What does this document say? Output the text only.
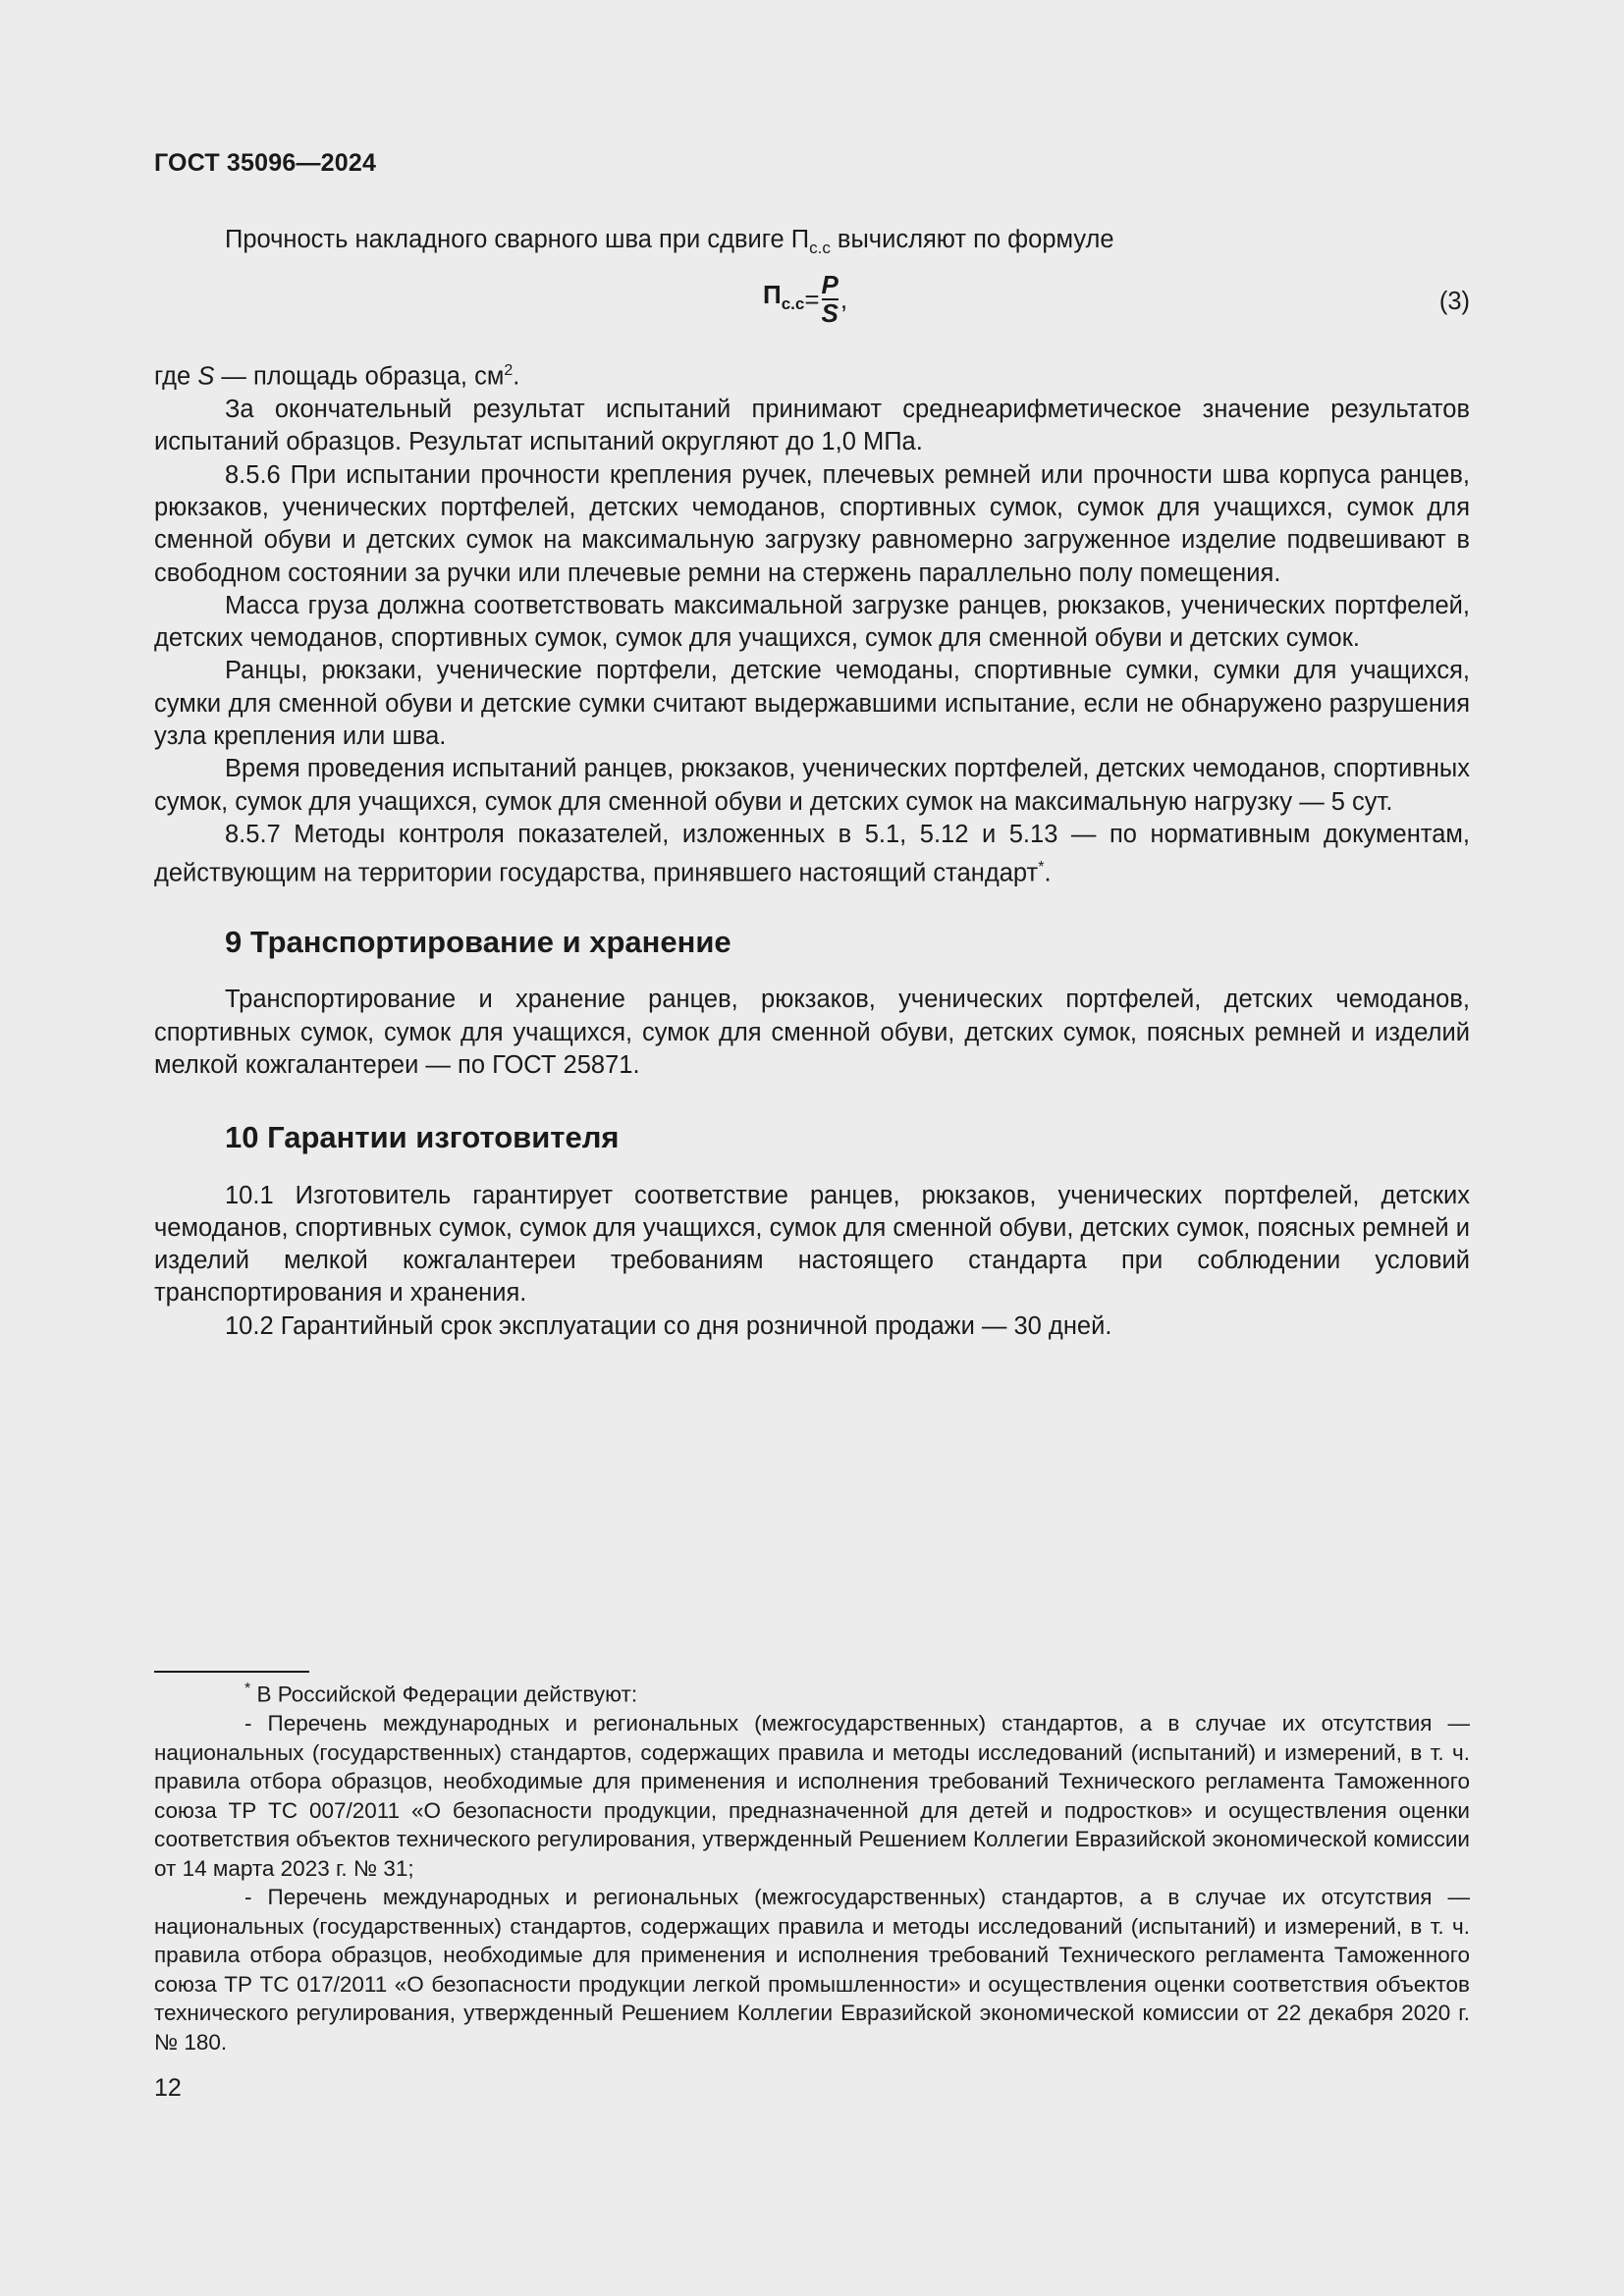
ГОСТ 35096—2024

Прочность накладного сварного шва при сдвиге $П_{с.с}$ вычисляют по формуле

$П_{с.с} = \frac{P}{S}$ ,	(3)

где S — площадь образца, $см^2$.

За окончательный результат испытаний принимают среднеарифметическое значение результатов испытаний образцов. Результат испытаний округляют до 1,0 МПа.

8.5.6 При испытании прочности крепления ручек, плечевых ремней или прочности шва корпуса ранцев, рюкзаков, ученических портфелей, детских чемоданов, спортивных сумок, сумок для учащихся, сумок для сменной обуви и детских сумок на максимальную загрузку равномерно загруженное изделие подвешивают в свободном состоянии за ручки или плечевые ремни на стержень параллельно полу помещения.

Масса груза должна соответствовать максимальной загрузке ранцев, рюкзаков, ученических портфелей, детских чемоданов, спортивных сумок, сумок для учащихся, сумок для сменной обуви и детских сумок.

Ранцы, рюкзаки, ученические портфели, детские чемоданы, спортивные сумки, сумки для учащихся, сумки для сменной обуви и детские сумки считают выдержавшими испытание, если не обнаружено разрушения узла крепления или шва.

Время проведения испытаний ранцев, рюкзаков, ученических портфелей, детских чемоданов, спортивных сумок, сумок для учащихся, сумок для сменной обуви и детских сумок на максимальную нагрузку — 5 сут.

8.5.7 Методы контроля показателей, изложенных в 5.1, 5.12 и 5.13 — по нормативным документам, действующим на территории государства, принявшего настоящий стандарт*.

9 Транспортирование и хранение

Транспортирование и хранение ранцев, рюкзаков, ученических портфелей, детских чемоданов, спортивных сумок, сумок для учащихся, сумок для сменной обуви, детских сумок, поясных ремней и изделий мелкой кожгалантереи — по ГОСТ 25871.

10 Гарантии изготовителя

10.1 Изготовитель гарантирует соответствие ранцев, рюкзаков, ученических портфелей, детских чемоданов, спортивных сумок, сумок для учащихся, сумок для сменной обуви, детских сумок, поясных ремней и изделий мелкой кожгалантереи требованиям настоящего стандарта при соблюдении условий транспортирования и хранения.

10.2 Гарантийный срок эксплуатации со дня розничной продажи — 30 дней.

* В Российской Федерации действуют:

- Перечень международных и региональных (межгосударственных) стандартов, а в случае их отсутствия — национальных (государственных) стандартов, содержащих правила и методы исследований (испытаний) и измерений, в т. ч. правила отбора образцов, необходимые для применения и исполнения требований Технического регламента Таможенного союза ТР ТС 007/2011 «О безопасности продукции, предназначенной для детей и подростков» и осуществления оценки соответствия объектов технического регулирования, утвержденный Решением Коллегии Евразийской экономической комиссии от 14 марта 2023 г. № 31;

- Перечень международных и региональных (межгосударственных) стандартов, а в случае их отсутствия — национальных (государственных) стандартов, содержащих правила и методы исследований (испытаний) и измерений, в т. ч. правила отбора образцов, необходимые для применения и исполнения требований Технического регламента Таможенного союза ТР ТС 017/2011 «О безопасности продукции легкой промышленности» и осуществления оценки соответствия объектов технического регулирования, утвержденный Решением Коллегии Евразийской экономической комиссии от 22 декабря 2020 г. № 180.

12
